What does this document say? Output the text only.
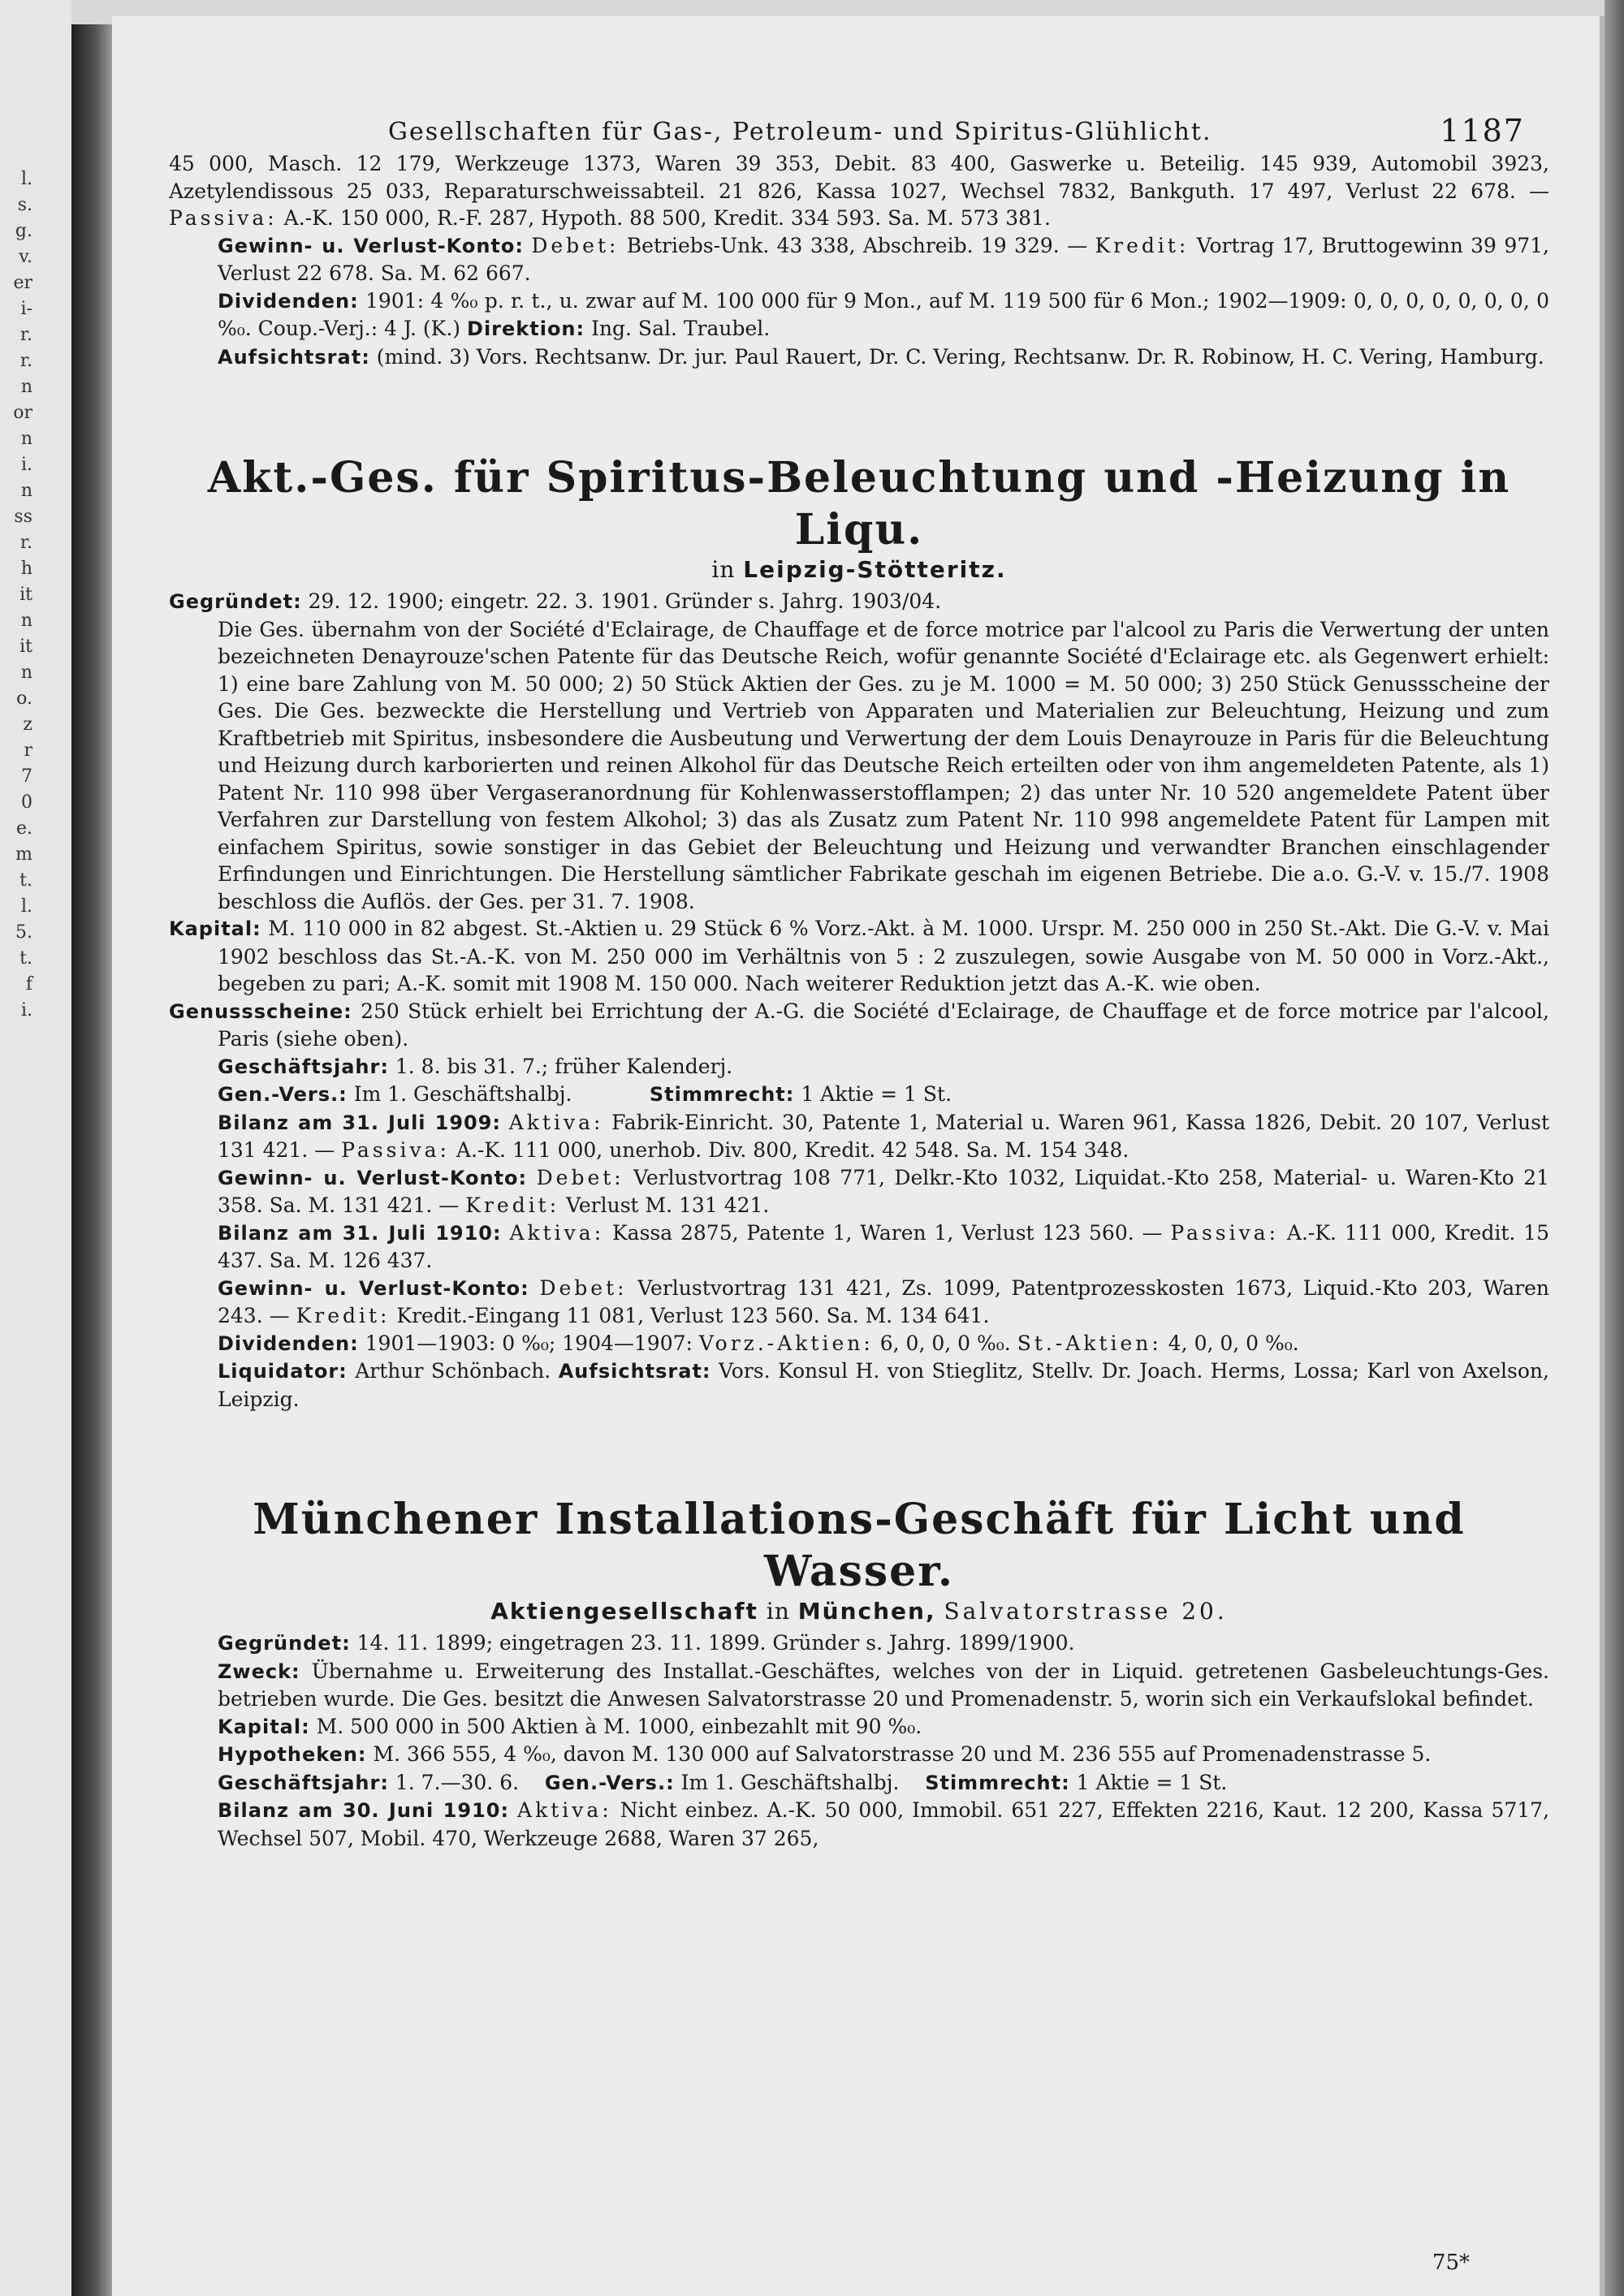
l.
s.
g.
v.
er
i-
r.
r.
n
or
n
i.
n
ss
r.
h
it
n
it
n
o.
z
r
7
0
e.
m
t.
l.
5.
t.
f
i.
Gesellschaften für Gas-, Petroleum- und Spiritus-Glühlicht.	1187

45 000, Masch. 12 179, Werkzeuge 1373, Waren 39 353, Debit. 83 400, Gaswerke u. Beteilig. 145 939, Automobil 3923, Azetylendissous 25 033, Reparaturschweissabteil. 21 826, Kassa 1027, Wechsel 7832, Bankguth. 17 497, Verlust 22 678. — Passiva: A.-K. 150 000, R.-F. 287, Hypoth. 88 500, Kredit. 334 593. Sa. M. 573 381.

Gewinn- u. Verlust-Konto: Debet: Betriebs-Unk. 43 338, Abschreib. 19 329. — Kredit: Vortrag 17, Bruttogewinn 39 971, Verlust 22 678. Sa. M. 62 667.

Dividenden: 1901: 4 %₀ p. r. t., u. zwar auf M. 100 000 für 9 Mon., auf M. 119 500 für 6 Mon.; 1902—1909: 0, 0, 0, 0, 0, 0, 0, 0 %₀. Coup.-Verj.: 4 J. (K.) Direktion: Ing. Sal. Traubel.

Aufsichtsrat: (mind. 3) Vors. Rechtsanw. Dr. jur. Paul Rauert, Dr. C. Vering, Rechtsanw. Dr. R. Robinow, H. C. Vering, Hamburg.

Akt.-Ges. für Spiritus-Beleuchtung und -Heizung in Liqu.
in Leipzig-Stötteritz.

Gegründet: 29. 12. 1900; eingetr. 22. 3. 1901. Gründer s. Jahrg. 1903/04.

Die Ges. übernahm von der Société d'Eclairage, de Chauffage et de force motrice par l'alcool zu Paris die Verwertung der unten bezeichneten Denayrouze'schen Patente für das Deutsche Reich, wofür genannte Société d'Eclairage etc. als Gegenwert erhielt: 1) eine bare Zahlung von M. 50 000; 2) 50 Stück Aktien der Ges. zu je M. 1000 = M. 50 000; 3) 250 Stück Genussscheine der Ges. Die Ges. bezweckte die Herstellung und Vertrieb von Apparaten und Materialien zur Beleuchtung, Heizung und zum Kraftbetrieb mit Spiritus, insbesondere die Ausbeutung und Verwertung der dem Louis Denayrouze in Paris für die Beleuchtung und Heizung durch karborierten und reinen Alkohol für das Deutsche Reich erteilten oder von ihm angemeldeten Patente, als 1) Patent Nr. 110 998 über Vergaseranordnung für Kohlenwasserstofflampen; 2) das unter Nr. 10 520 angemeldete Patent über Verfahren zur Darstellung von festem Alkohol; 3) das als Zusatz zum Patent Nr. 110 998 angemeldete Patent für Lampen mit einfachem Spiritus, sowie sonstiger in das Gebiet der Beleuchtung und Heizung und verwandter Branchen einschlagender Erfindungen und Einrichtungen. Die Herstellung sämtlicher Fabrikate geschah im eigenen Betriebe. Die a.o. G.-V. v. 15./7. 1908 beschloss die Auflös. der Ges. per 31. 7. 1908.

Kapital: M. 110 000 in 82 abgest. St.-Aktien u. 29 Stück 6 % Vorz.-Akt. à M. 1000. Urspr. M. 250 000 in 250 St.-Akt. Die G.-V. v. Mai 1902 beschloss das St.-A.-K. von M. 250 000 im Verhältnis von 5 : 2 zuszulegen, sowie Ausgabe von M. 50 000 in Vorz.-Akt., begeben zu pari; A.-K. somit mit 1908 M. 150 000. Nach weiterer Reduktion jetzt das A.-K. wie oben.

Genussscheine: 250 Stück erhielt bei Errichtung der A.-G. die Société d'Eclairage, de Chauffage et de force motrice par l'alcool, Paris (siehe oben).

Geschäftsjahr: 1. 8. bis 31. 7.; früher Kalenderj.

Gen.-Vers.: Im 1. Geschäftshalbj.	Stimmrecht: 1 Aktie = 1 St.

Bilanz am 31. Juli 1909: Aktiva: Fabrik-Einricht. 30, Patente 1, Material u. Waren 961, Kassa 1826, Debit. 20 107, Verlust 131 421. — Passiva: A.-K. 111 000, unerhob. Div. 800, Kredit. 42 548. Sa. M. 154 348.

Gewinn- u. Verlust-Konto: Debet: Verlustvortrag 108 771, Delkr.-Kto 1032, Liquidat.-Kto 258, Material- u. Waren-Kto 21 358. Sa. M. 131 421. — Kredit: Verlust M. 131 421.

Bilanz am 31. Juli 1910: Aktiva: Kassa 2875, Patente 1, Waren 1, Verlust 123 560. — Passiva: A.-K. 111 000, Kredit. 15 437. Sa. M. 126 437.

Gewinn- u. Verlust-Konto: Debet: Verlustvortrag 131 421, Zs. 1099, Patentprozesskosten 1673, Liquid.-Kto 203, Waren 243. — Kredit: Kredit.-Eingang 11 081, Verlust 123 560. Sa. M. 134 641.

Dividenden: 1901—1903: 0 %₀; 1904—1907: Vorz.-Aktien: 6, 0, 0, 0 %₀. St.-Aktien: 4, 0, 0, 0 %₀.

Liquidator: Arthur Schönbach. Aufsichtsrat: Vors. Konsul H. von Stieglitz, Stellv. Dr. Joach. Herms, Lossa; Karl von Axelson, Leipzig.

Münchener Installations-Geschäft für Licht und Wasser.
Aktiengesellschaft in München, Salvatorstrasse 20.

Gegründet: 14. 11. 1899; eingetragen 23. 11. 1899. Gründer s. Jahrg. 1899/1900.

Zweck: Übernahme u. Erweiterung des Installat.-Geschäftes, welches von der in Liquid. getretenen Gasbeleuchtungs-Ges. betrieben wurde. Die Ges. besitzt die Anwesen Salvatorstrasse 20 und Promenadenstr. 5, worin sich ein Verkaufslokal befindet.

Kapital: M. 500 000 in 500 Aktien à M. 1000, einbezahlt mit 90 %₀.

Hypotheken: M. 366 555, 4 %₀, davon M. 130 000 auf Salvatorstrasse 20 und M. 236 555 auf Promenadenstrasse 5.

Geschäftsjahr: 1. 7.—30. 6. Gen.-Vers.: Im 1. Geschäftshalbj. Stimmrecht: 1 Aktie = 1 St.

Bilanz am 30. Juni 1910: Aktiva: Nicht einbez. A.-K. 50 000, Immobil. 651 227, Effekten 2216, Kaut. 12 200, Kassa 5717, Wechsel 507, Mobil. 470, Werkzeuge 2688, Waren 37 265,

75*
